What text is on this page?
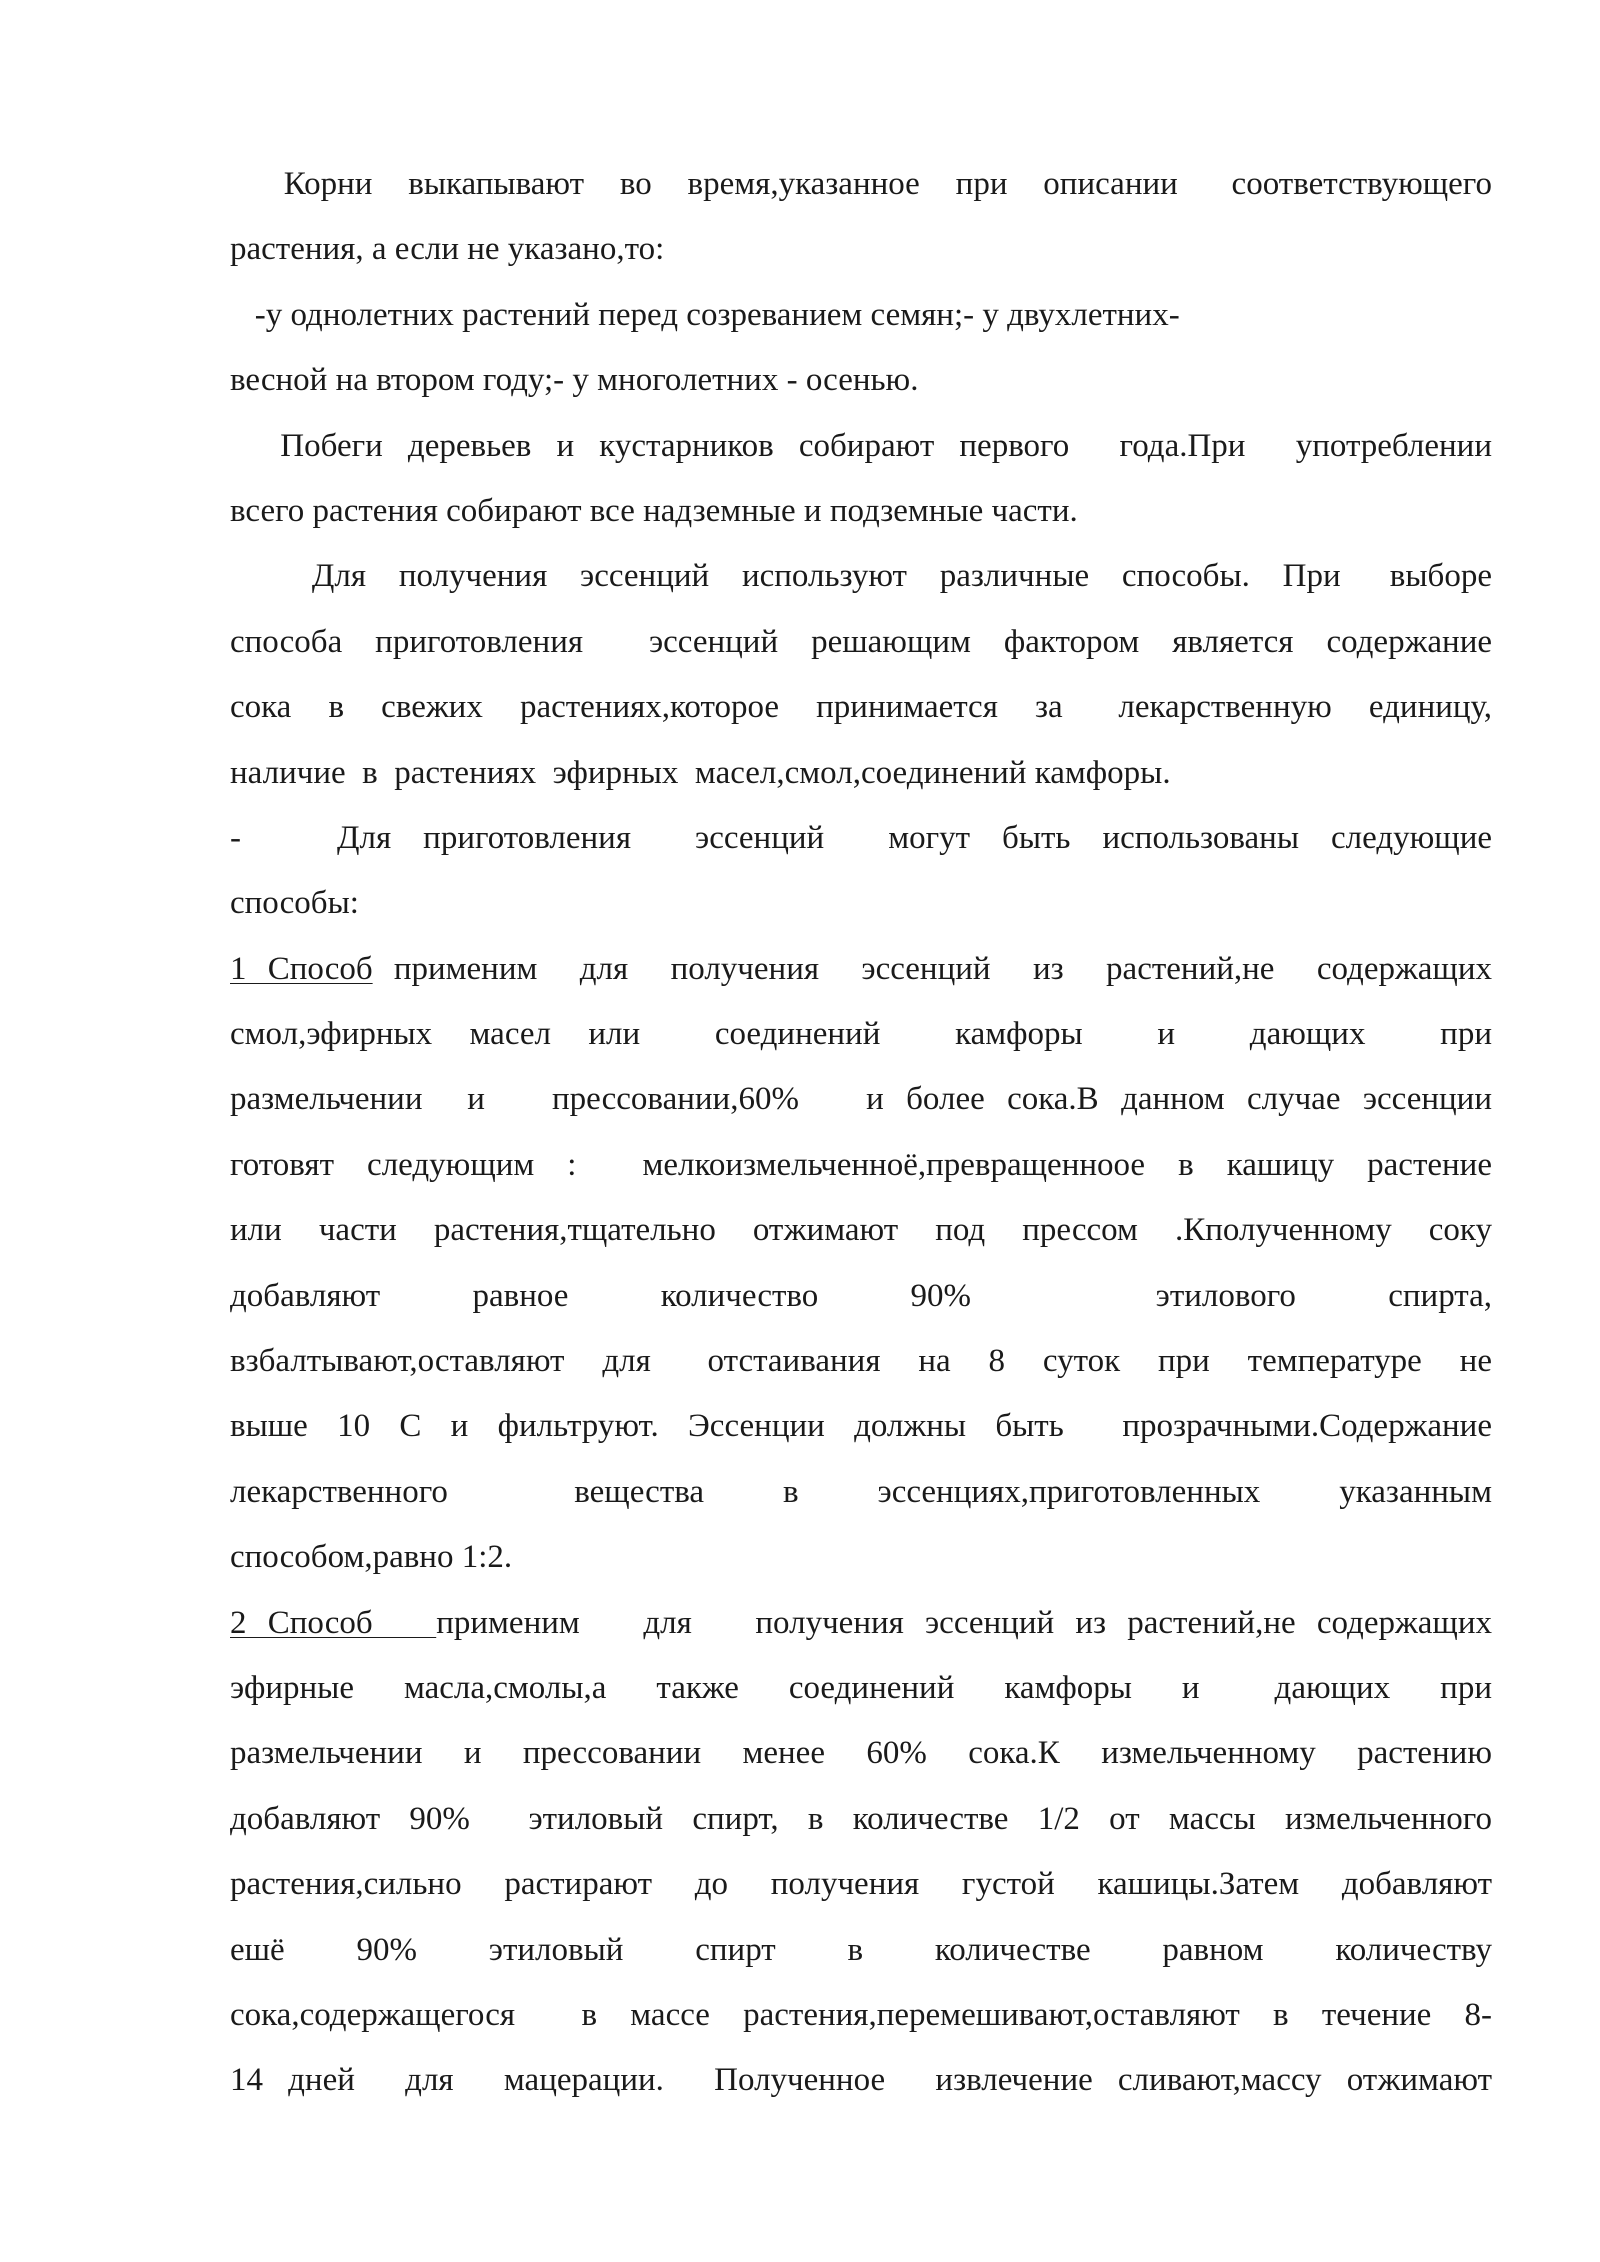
Корни  выкапывают  во  время,указанное  при  описании   соответствующего
растения, а если не указано,то:
-у однолетних растений перед созреванием семян;- у двухлетних-
весной на втором году;- у многолетних - осенью.
Побеги деревьев и кустарников собирают первого  года.При  употреблении
всего растения собирают все надземные и подземные части.
Для  получения  эссенций  используют  различные  способы.  При   выборе
способа приготовления  эссенций решающим фактором является содержание
сока  в  свежих  растениях,которое  принимается  за   лекарственную  единицу,
наличие  в  растениях  эфирных  масел,смол,соединений камфоры.
-      Для  приготовления    эссенций    могут  быть  использованы  следующие
способы:
1 Способ применим  для  получения  эссенций  из  растений,не  содержащих
смол,эфирных  масел  или    соединений    камфоры    и    дающих    при
размельчении  и   прессовании,60%   и более сока.В данном случае эссенции
готовят следующим :  мелкоизмельченноё,превращенноое в кашицу растение
или  части  растения,тщательно  отжимают  под  прессом  .Кполученному  соку
добавляют       равное       количество       90%              этилового       спирта,
взбалтывают,оставляют  для   отстаивания  на  8  суток  при  температуре  не
выше 10 С и фильтруют. Эссенции должны быть  прозрачными.Содержание
лекарственного        вещества     в     эссенциях,приготовленных     указанным
способом,равно 1:2.
2 Способ   применим   для   получения эссенций из растений,не содержащих
эфирные  масла,смолы,а  также  соединений  камфоры  и   дающих  при
размельчении  и  прессовании  менее  60%  сока.К  измельченному  растению
добавляют 90%  этиловый спирт, в количестве 1/2 от массы измельченного
растения,сильно  растирают  до  получения  густой  кашицы.Затем  добавляют
ешё     90%     этиловый     спирт     в     количестве     равном     количеству
сока,содержащегося  в массе растения,перемешивают,оставляют в течение 8-
14 дней  для  мацерации.  Полученное  извлечение сливают,массу отжимают
